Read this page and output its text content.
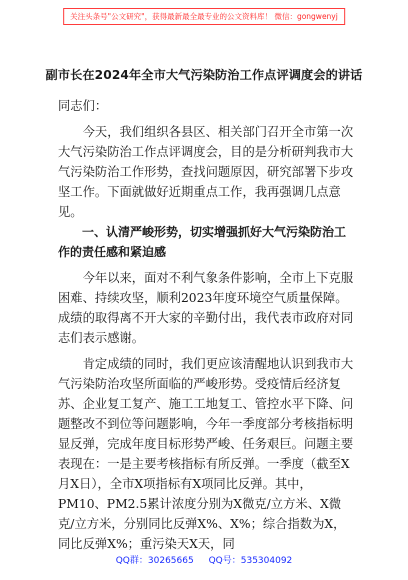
关注头条号"公文研究"，获得最新最全最专业的公文资料库！ 微信：gongwenyj
副市长在2024年全市大气污染防治工作点评调度会的讲话

同志们：

今天，我们组织各县区、相关部门召开全市第一次大气污染防治工作点评调度会，目的是分析研判我市大气污染防治工作形势，查找问题原因，研究部署下步攻坚工作。下面就做好近期重点工作，我再强调几点意见。

一、认清严峻形势，切实增强抓好大气污染防治工作的责任感和紧迫感

今年以来，面对不利气象条件影响，全市上下克服困难、持续攻坚，顺利2023年度环境空气质量保障。成绩的取得离不开大家的辛勤付出，我代表市政府对同志们表示感谢。

肯定成绩的同时，我们更应该清醒地认识到我市大气污染防治攻坚所面临的严峻形势。受疫情后经济复苏、企业复工复产、施工工地复工、管控水平下降、问题整改不到位等问题影响，今年一季度部分考核指标明显反弹，完成年度目标形势严峻、任务艰巨。问题主要表现在：一是主要考核指标有所反弹。一季度（截至X月X日），全市X项指标有X项同比反弹。其中，PM10、PM2.5累计浓度分别为X微克/立方米、X微克/立方米，分别同比反弹X%、X%；综合指数为X，同比反弹X%；重污染天X天，同

QQ群：30265665 QQ号：535304092
